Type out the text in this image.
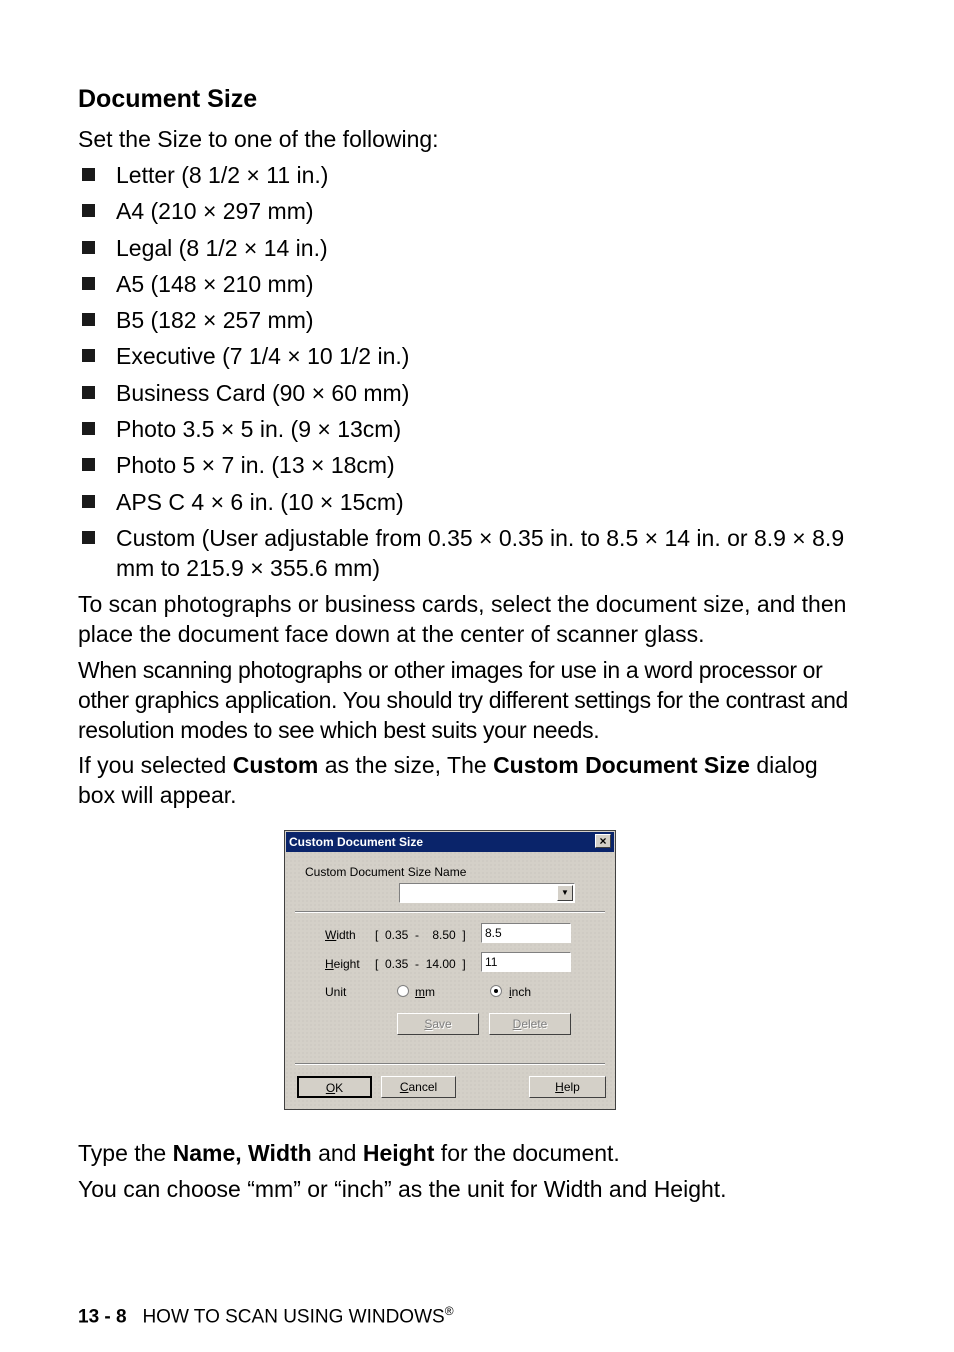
Document Size

Set the Size to one of the following:

Letter (8 1/2 × 11 in.)
A4 (210 × 297 mm)
Legal (8 1/2 × 14 in.)
A5 (148 × 210 mm)
B5 (182 × 257 mm)
Executive (7 1/4 × 10 1/2 in.)
Business Card (90 × 60 mm)
Photo 3.5 × 5 in. (9 × 13cm)
Photo 5 × 7 in. (13 × 18cm)
APS C 4 × 6 in. (10 × 15cm)
Custom (User adjustable from 0.35 × 0.35 in. to 8.5 × 14 in. or 8.9 × 8.9 mm to 215.9 × 355.6 mm)

To scan photographs or business cards, select the document size, and then place the document face down at the center of scanner glass.

When scanning photographs or other images for use in a word processor or other graphics application. You should try different settings for the contrast and resolution modes to see which best suits your needs.

If you selected Custom as the size, The Custom Document Size dialog box will appear.

Custom Document Size	×
Custom Document Size Name
▼
Width [  0.35  -    8.50  ]	8.5
Height [  0.35  -  14.00  ]	11
Unit	mm	inch
Save	Delete
OK	Cancel	Help

Type the Name, Width and Height for the document.

You can choose “mm” or “inch” as the unit for Width and Height.

13 - 8 HOW TO SCAN USING WINDOWS®
